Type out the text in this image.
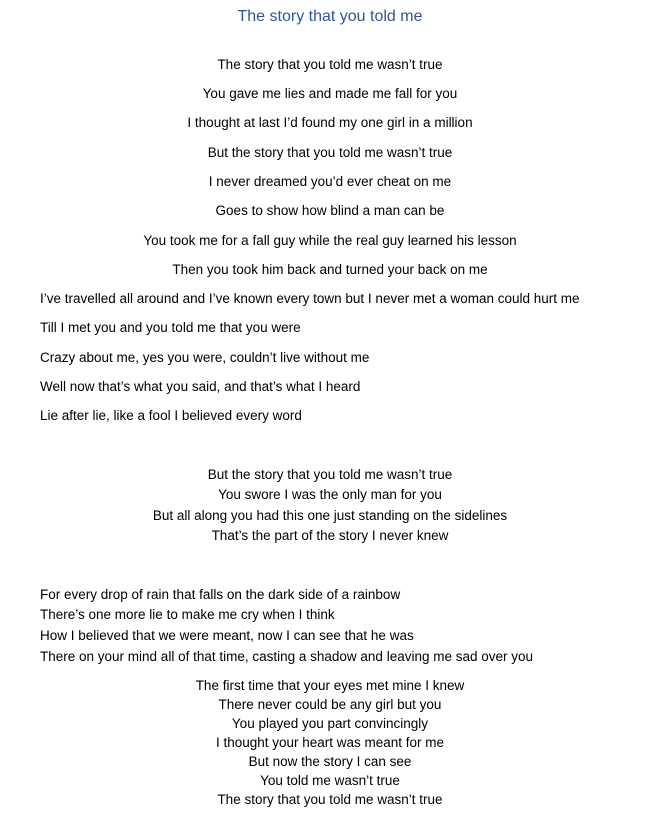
The story that you told me
The story that you told me wasn’t true
You gave me lies and made me fall for you
I thought at last I’d found my one girl in a million
But the story that you told me wasn’t true
I never dreamed you’d ever cheat on me
Goes to show how blind a man can be
You took me for a fall guy while the real guy learned his lesson
Then you took him back and turned your back on me
I’ve travelled all around and I’ve known every town but I never met a woman could hurt me
Till I met you and you told me that you were
Crazy about me, yes you were, couldn’t live without me
Well now that’s what you said, and that’s what I heard
Lie after lie, like a fool I believed every word
But the story that you told me wasn’t true
You swore I was the only man for you
But all along you had this one just standing on the sidelines
That’s the part of the story I never knew
For every drop of rain that falls on the dark side of a rainbow
There’s one more lie to make me cry when I think
How I believed that we were meant, now I can see that he was
There on your mind all of that time, casting a shadow and leaving me sad over you
The first time that your eyes met mine I knew
There never could be any girl but you
You played you part convincingly
I thought your heart was meant for me
But now the story I can see
You told me wasn’t true
The story that you told me wasn’t true
